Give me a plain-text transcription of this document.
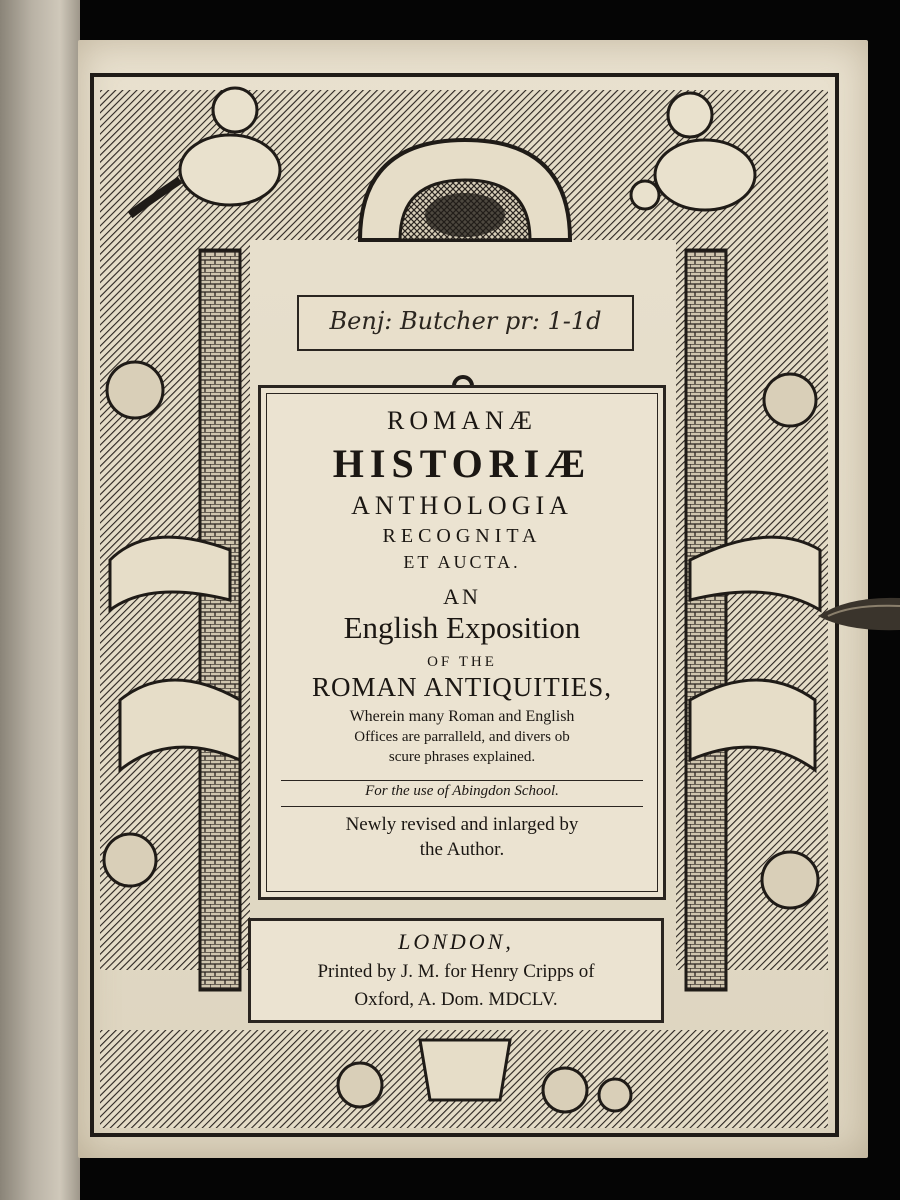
Benj: Butcher pr: 1-1d
ROMANÆ
HISTORIÆ
ANTHOLOGIA
RECOGNITA
ET AUCTA.
AN
English Exposition
OF THE
ROMAN ANTIQUITIES,
Wherein many Roman and English
Offices are parralleld, and divers ob
scure phrases explained.
For the use of Abingdon School.
Newly revised and inlarged by
the Author.
LONDON,
Printed by J. M. for Henry Cripps of
Oxford, A. Dom. MDCLV.
